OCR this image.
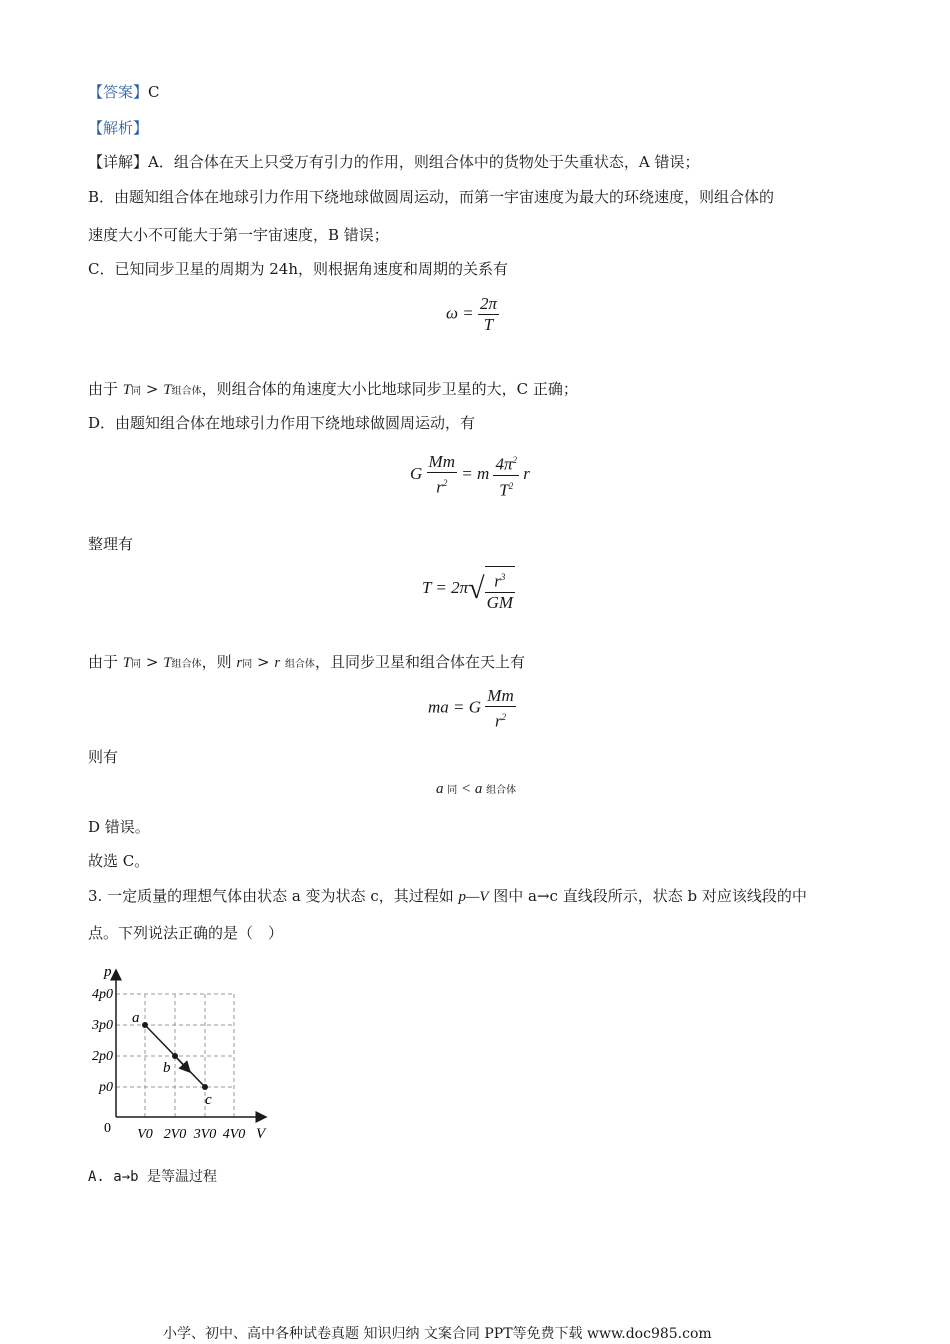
【答案】C
【解析】
【详解】A．组合体在天上只受万有引力的作用，则组合体中的货物处于失重状态，A 错误；
B．由题知组合体在地球引力作用下绕地球做圆周运动，而第一宇宙速度为最大的环绕速度，则组合体的
速度大小不可能大于第一宇宙速度，B 错误；
C．已知同步卫星的周期为 24h，则根据角速度和周期的关系有
$\omega = \frac{2\pi}{T}$
由于 T同 > T组合体，则组合体的角速度大小比地球同步卫星的大，C 正确；
D．由题知组合体在地球引力作用下绕地球做圆周运动，有
G $\frac{Mm}{r^2} = m \frac{4\pi^2}{T^2}$ r
整理有
$T = 2\pi√ \frac{r^3}{GM}$
由于 T同 > T组合体，则 r同 > r 组合体，且同步卫星和组合体在天上有
ma = G $\frac{Mm}{r^2}$
则有
a 同 < a 组合体
D 错误。
故选 C。
3. 一定质量的理想气体由状态 a 变为状态 c，其过程如 p—V 图中 a→c 直线段所示，状态 b 对应该线段的中
点。下列说法正确的是（　）
p
V
0
4p0
3p0
2p0
p0
V0 2V0 3V0 4V0
a
b
c
A. a→b 是等温过程
小学、初中、高中各种试卷真题 知识归纳 文案合同 PPT等免费下载 www.doc985.com
